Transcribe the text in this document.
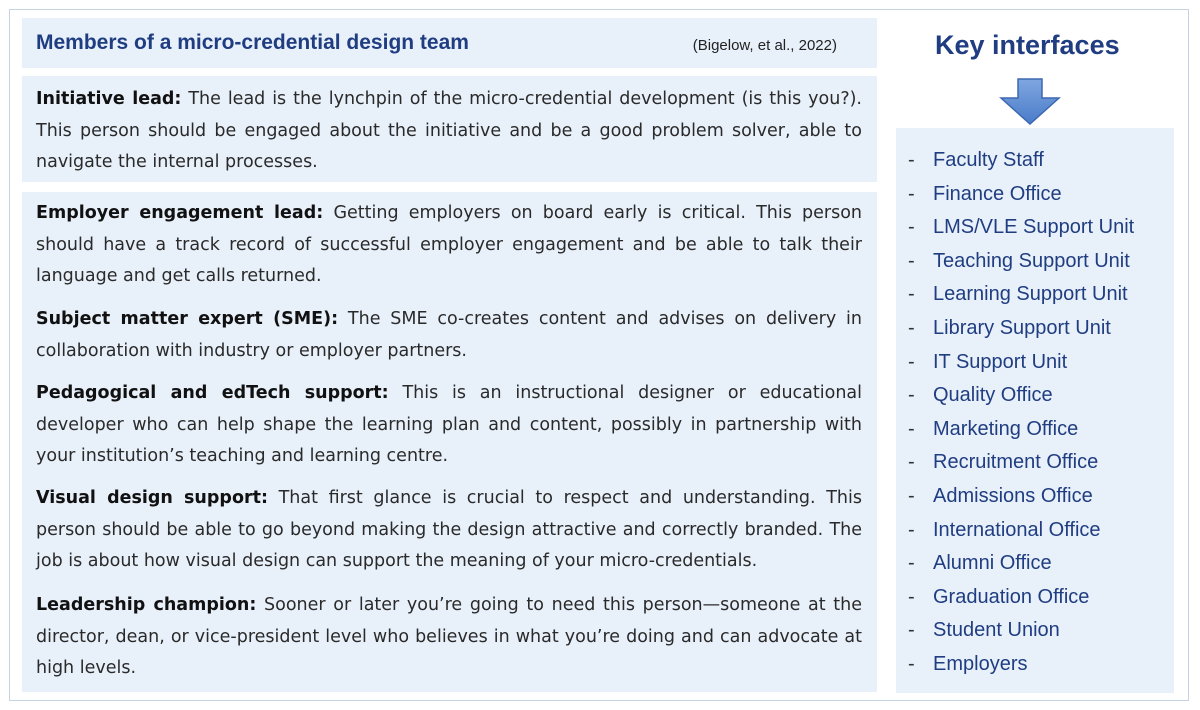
Members of a micro-credential design team	(Bigelow, et al., 2022)

Initiative lead: The lead is the lynchpin of the micro-credential development (is this you?). This person should be engaged about the initiative and be a good problem solver, able to navigate the internal processes.

Employer engagement lead: Getting employers on board early is critical. This person should have a track record of successful employer engagement and be able to talk their language and get calls returned.

Subject matter expert (SME): The SME co-creates content and advises on delivery in collaboration with industry or employer partners.

Pedagogical and edTech support: This is an instructional designer or educational developer who can help shape the learning plan and content, possibly in partnership with your institution’s teaching and learning centre.

Visual design support: That first glance is crucial to respect and understanding. This person should be able to go beyond making the design attractive and correctly branded. The job is about how visual design can support the meaning of your micro-credentials.

Leadership champion: Sooner or later you’re going to need this person—someone at the director, dean, or vice-president level who believes in what you’re doing and can advocate at high levels.

Key interfaces
- Faculty Staff
- Finance Office
- LMS/VLE Support Unit
- Teaching Support Unit
- Learning Support Unit
- Library Support Unit
- IT Support Unit
- Quality Office
- Marketing Office
- Recruitment Office
- Admissions Office
- International Office
- Alumni Office
- Graduation Office
- Student Union
- Employers
